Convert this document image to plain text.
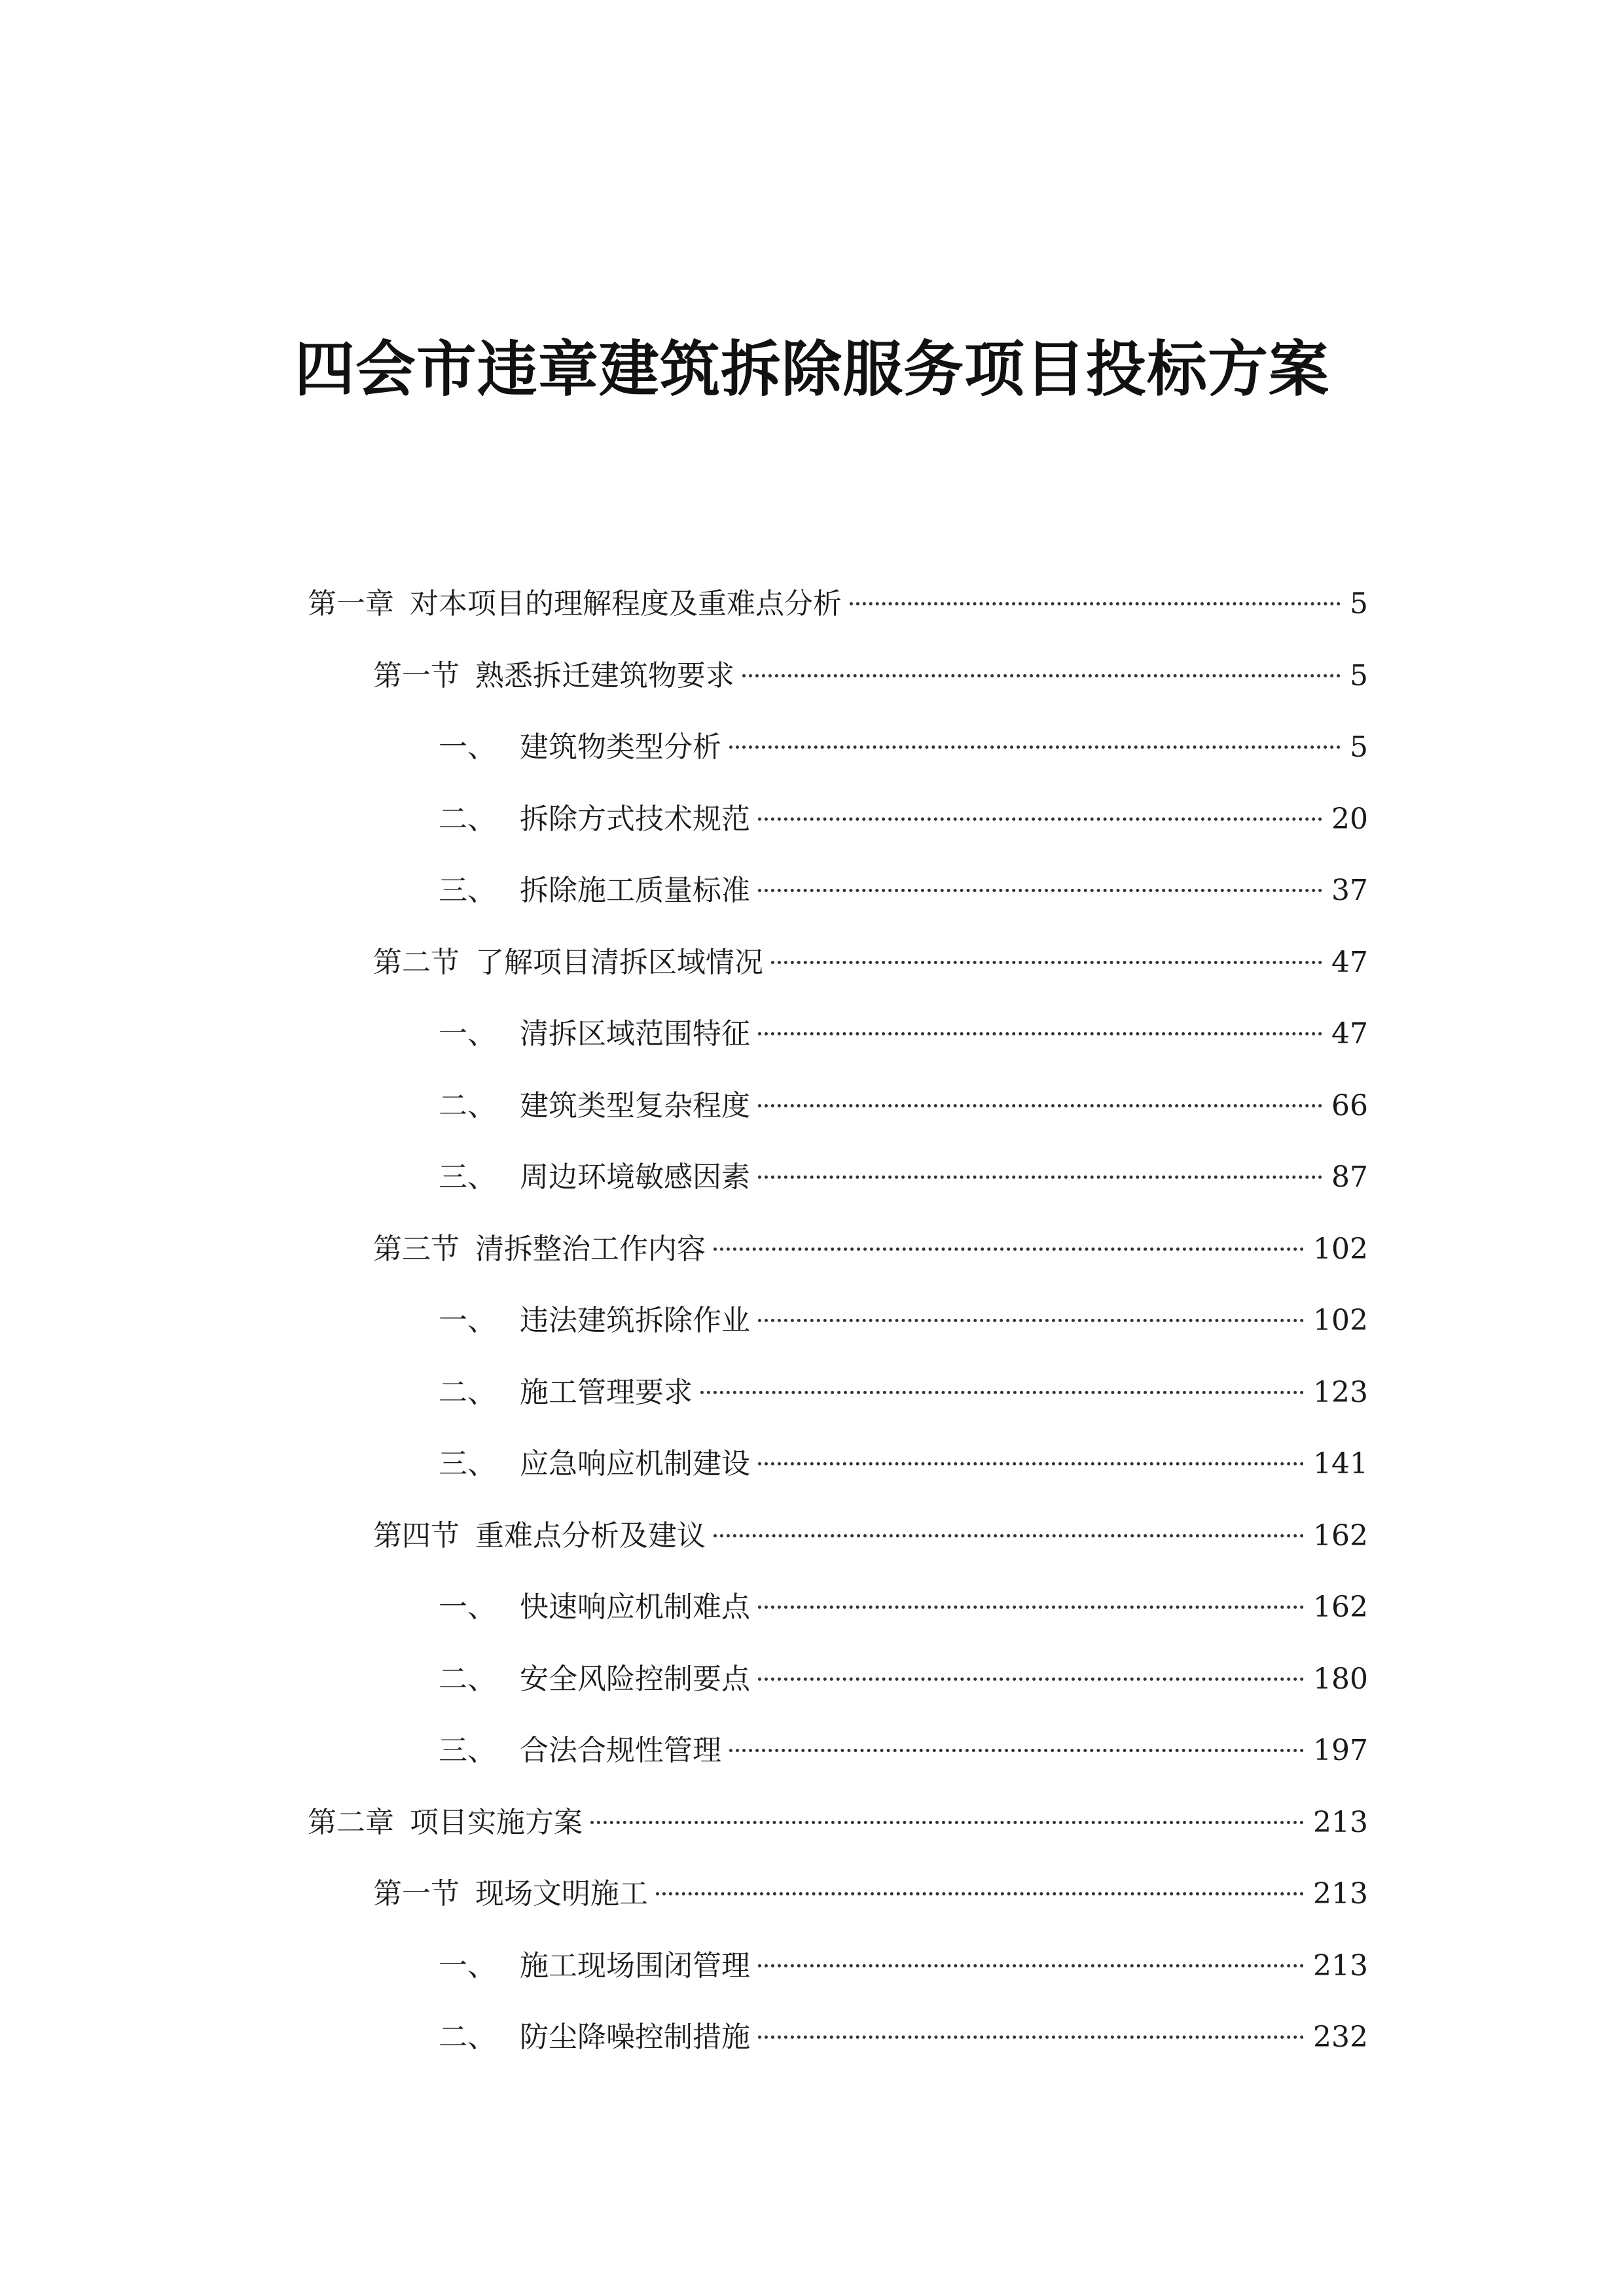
四会市违章建筑拆除服务项目投标方案
第一章 对本项目的理解程度及重难点分析	5
第一节 熟悉拆迁建筑物要求	5
一、 建筑物类型分析	5
二、 拆除方式技术规范	20
三、 拆除施工质量标准	37
第二节 了解项目清拆区域情况	47
一、 清拆区域范围特征	47
二、 建筑类型复杂程度	66
三、 周边环境敏感因素	87
第三节 清拆整治工作内容	102
一、 违法建筑拆除作业	102
二、 施工管理要求	123
三、 应急响应机制建设	141
第四节 重难点分析及建议	162
一、 快速响应机制难点	162
二、 安全风险控制要点	180
三、 合法合规性管理	197
第二章 项目实施方案	213
第一节 现场文明施工	213
一、 施工现场围闭管理	213
二、 防尘降噪控制措施	232
